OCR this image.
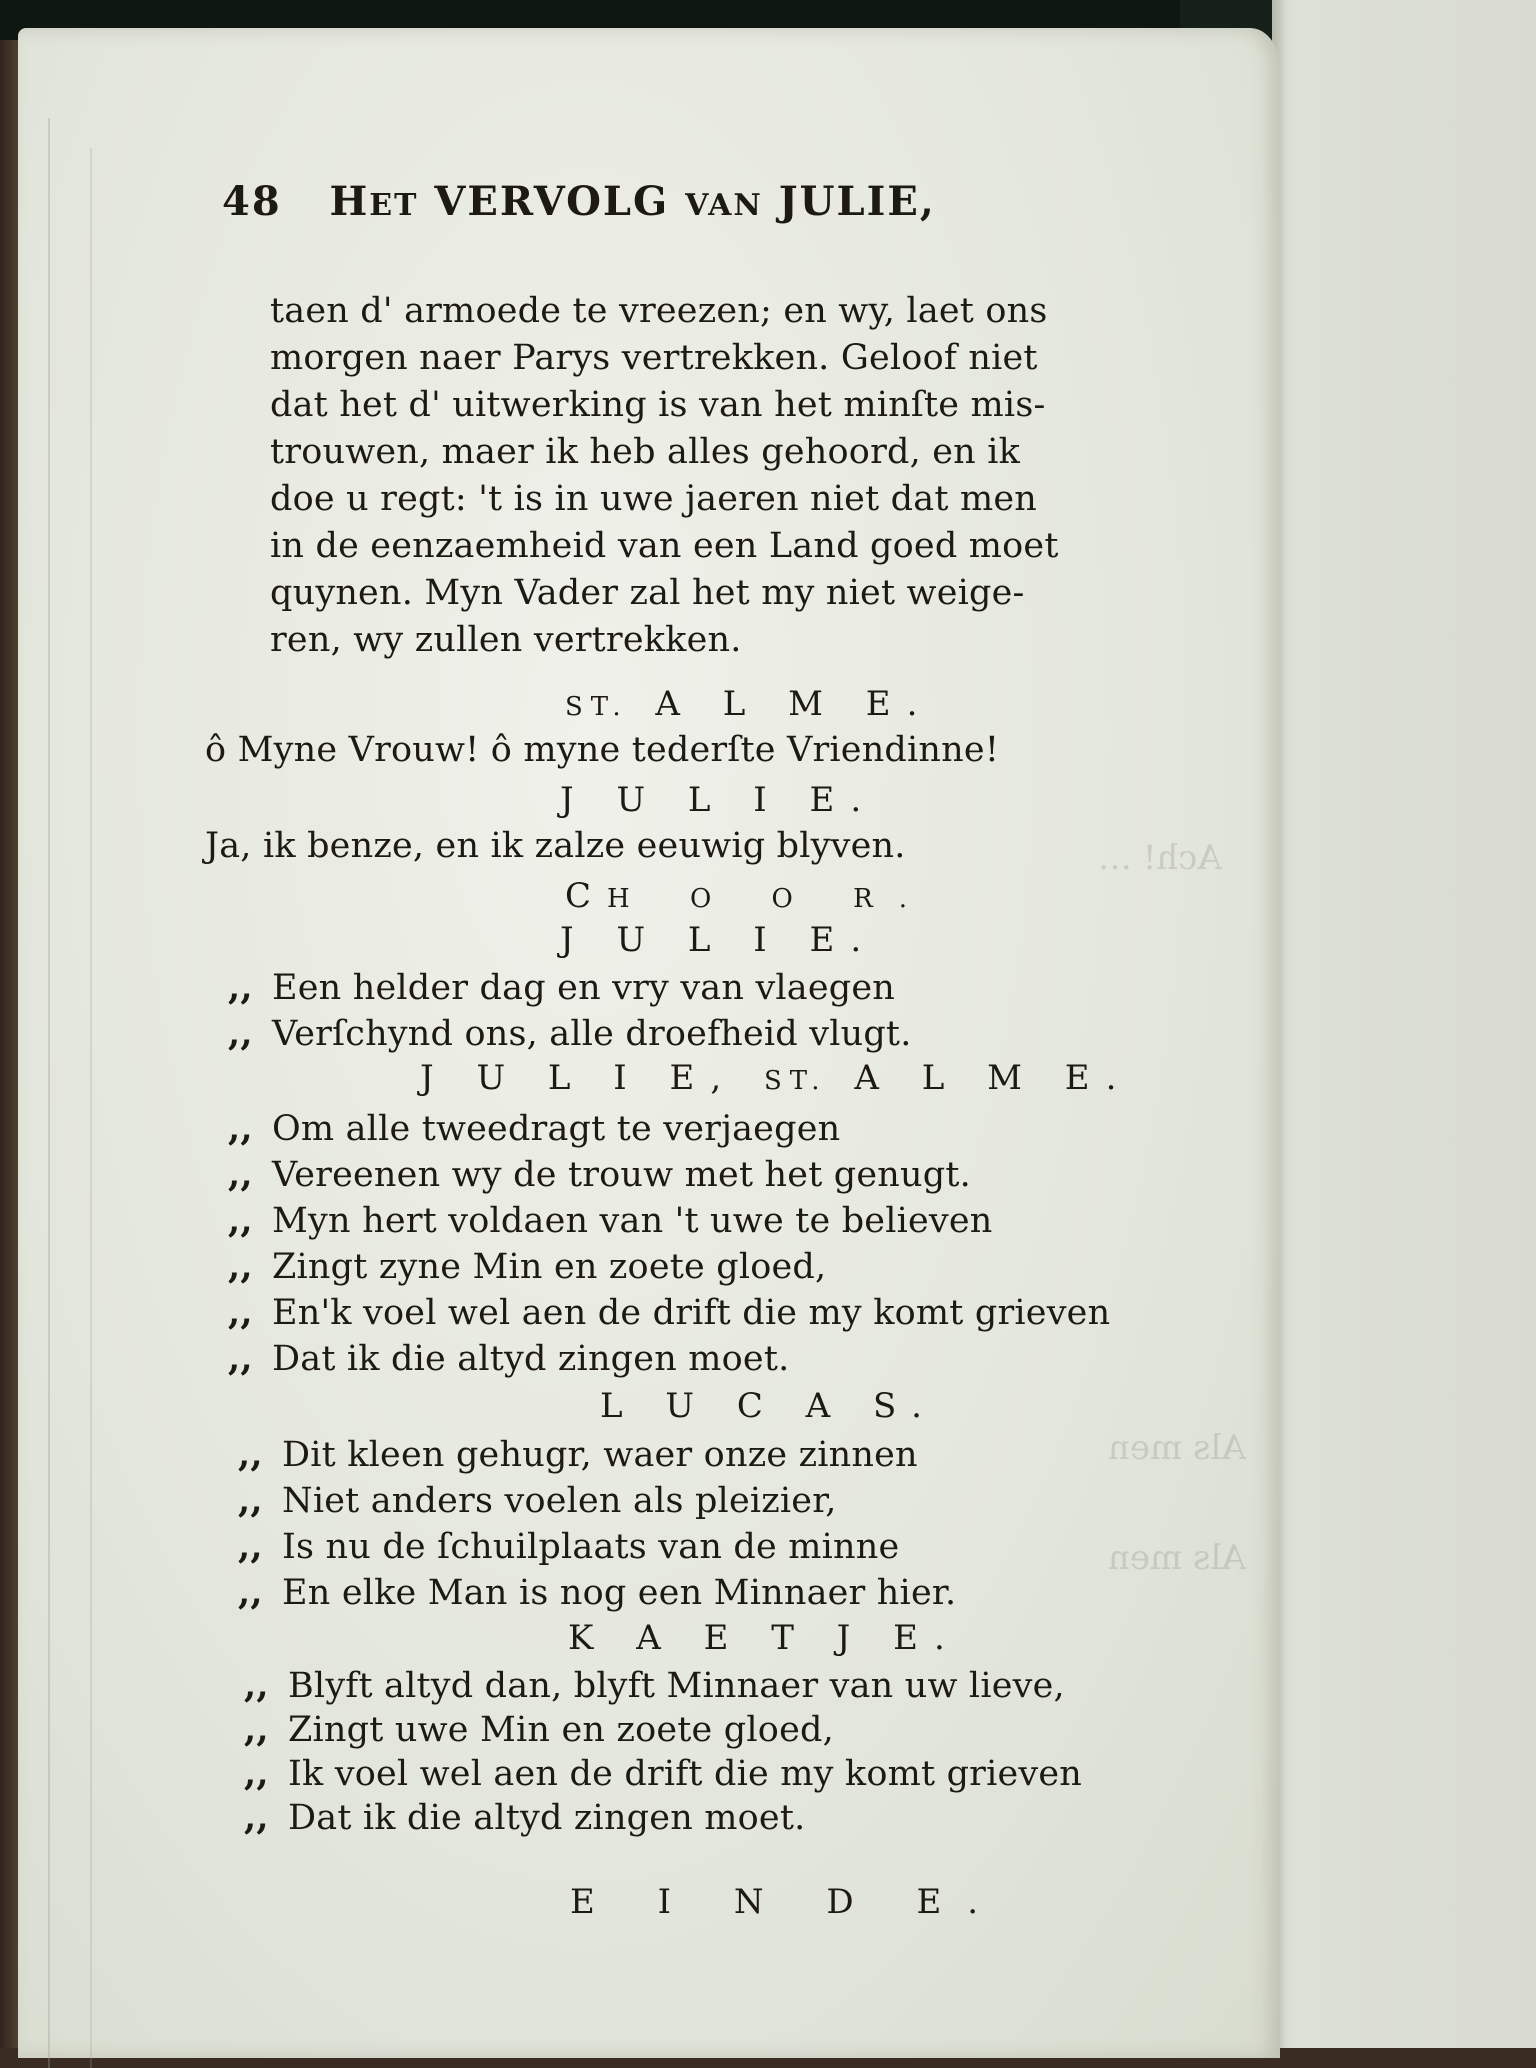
Ach! …
Als men
Als men
48 HET VERVOLG VAN JULIE,
taen d' armoede te vreezen; en wy, laet ons
morgen naer Parys vertrekken. Geloof niet
dat het d' uitwerking is van het minſte mis-
trouwen, maer ik heb alles gehoord, en ik
doe u regt: 't is in uwe jaeren niet dat men
in de eenzaemheid van een Land goed moet
quynen. Myn Vader zal het my niet weige-
ren, wy zullen vertrekken.
ST. A L M E.
ô Myne Vrouw! ô myne tederſte Vriendinne!
J U L I E.
Ja, ik benze, en ik zalze eeuwig blyven.
CH O O R.
J U L I E.
,, Een helder dag en vry van vlaegen
,, Verſchynd ons, alle droefheid vlugt.
J U L I E, ST. A L M E.
,, Om alle tweedragt te verjaegen
,, Vereenen wy de trouw met het genugt.
,, Myn hert voldaen van 't uwe te believen
,, Zingt zyne Min en zoete gloed,
,, En'k voel wel aen de drift die my komt grieven
,, Dat ik die altyd zingen moet.
L U C A S.
,, Dit kleen gehugr, waer onze zinnen
,, Niet anders voelen als pleizier,
,, Is nu de ſchuilplaats van de minne
,, En elke Man is nog een Minnaer hier.
K A E T J E.
,, Blyft altyd dan, blyft Minnaer van uw lieve,
,, Zingt uwe Min en zoete gloed,
,, Ik voel wel aen de drift die my komt grieven
,, Dat ik die altyd zingen moet.
E I N D E.
